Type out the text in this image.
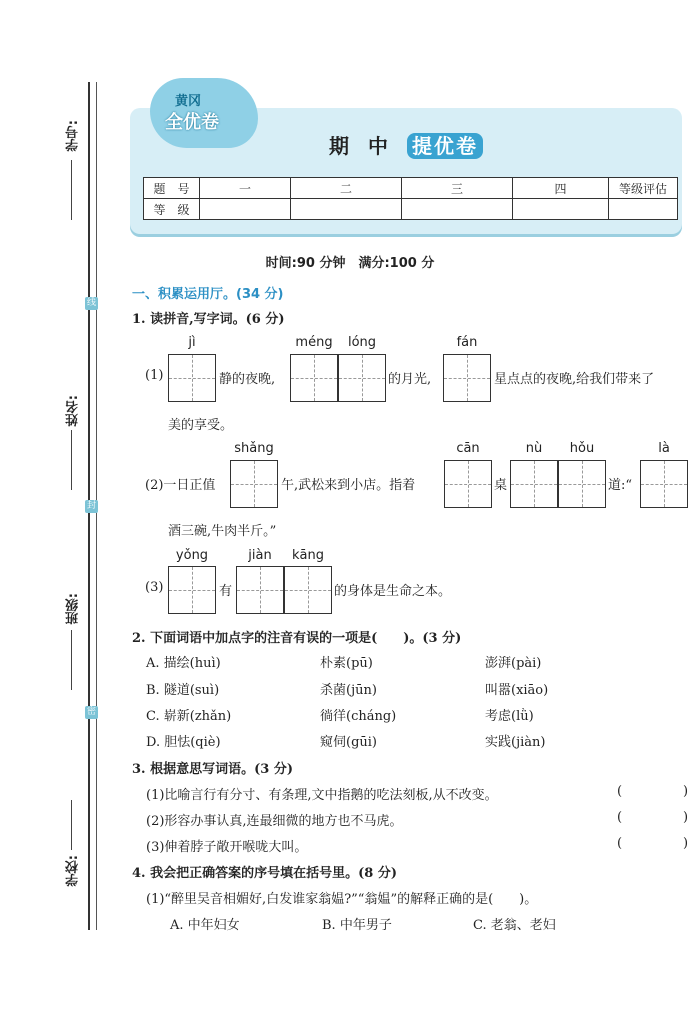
学号:
线
姓名:
封
班级:
密
学校:
期 中 提优卷
黄冈
全优卷
题　号	一	二	三	四	等级评估
等　级					
时间:90 分钟　满分:100 分
一、积累运用厅。(34 分)
1. 读拼音,写字词。(6 分)
jì
(1)	静的夜晚,
méng	lóng
的月光,
fán
星点点的夜晚,给我们带来了
美的享受。
shǎng
(2)一日正值	午,武松来到小店。指着
cān
桌
nù	hǒu
道:“
là
酒三碗,牛肉半斤。”
yǒng
(3)	有
jiàn	kāng
的身体是生命之本。
2. 下面词语中加点字的注音有误的一项是(　　)。(3 分)
A. 描绘(huì)	朴素(pū)	澎湃(pài)
B. 隧道(suì)	杀菌(jūn)	叫嚣(xiāo)
C. 崭新(zhǎn)	徜徉(cháng)	考虑(lǜ)
D. 胆怯(qiè)	窥伺(gūi)	实践(jiàn)
3. 根据意思写词语。(3 分)
(1)比喻言行有分寸、有条理,文中指鹅的吃法刻板,从不改变。	(	)
(2)形容办事认真,连最细微的地方也不马虎。	(	)
(3)伸着脖子敞开喉咙大叫。	(	)
4. 我会把正确答案的序号填在括号里。(8 分)
(1)“醉里吴音相媚好,白发谁家翁媪?”“翁媪”的解释正确的是(　　)。
A. 中年妇女	B. 中年男子	C. 老翁、老妇
